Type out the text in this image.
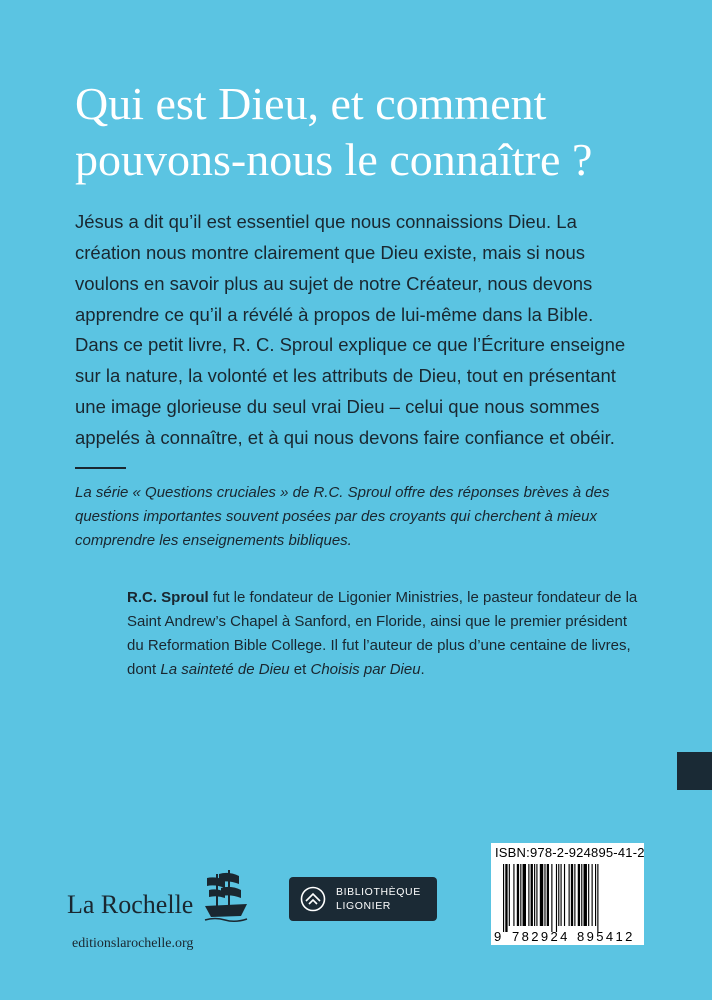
Qui est Dieu, et comment pouvons-nous le connaître ?

Jésus a dit qu’il est essentiel que nous connaissions Dieu. La création nous montre clairement que Dieu existe, mais si nous voulons en savoir plus au sujet de notre Créateur, nous devons apprendre ce qu’il a révélé à propos de lui-même dans la Bible.

Dans ce petit livre, R. C. Sproul explique ce que l’Écriture enseigne sur la nature, la volonté et les attributs de Dieu, tout en présentant une image glorieuse du seul vrai Dieu – celui que nous sommes appelés à connaître, et à qui nous devons faire confiance et obéir.

La série « Questions cruciales » de R.C. Sproul offre des réponses brèves à des questions importantes souvent posées par des croyants qui cherchent à mieux comprendre les enseignements bibliques.

R.C. Sproul fut le fondateur de Ligonier Ministries, le pasteur fondateur de la Saint Andrew’s Chapel à Sanford, en Floride, ainsi que le premier président du Reformation Bible College. Il fut l’auteur de plus d’une centaine de livres, dont La sainteté de Dieu et Choisis par Dieu.

La Rochelle
editionslarochelle.org
BIBLIOTHÈQUE
LIGONIER
ISBN:978-2-924895-41-2
9 782924 895412
